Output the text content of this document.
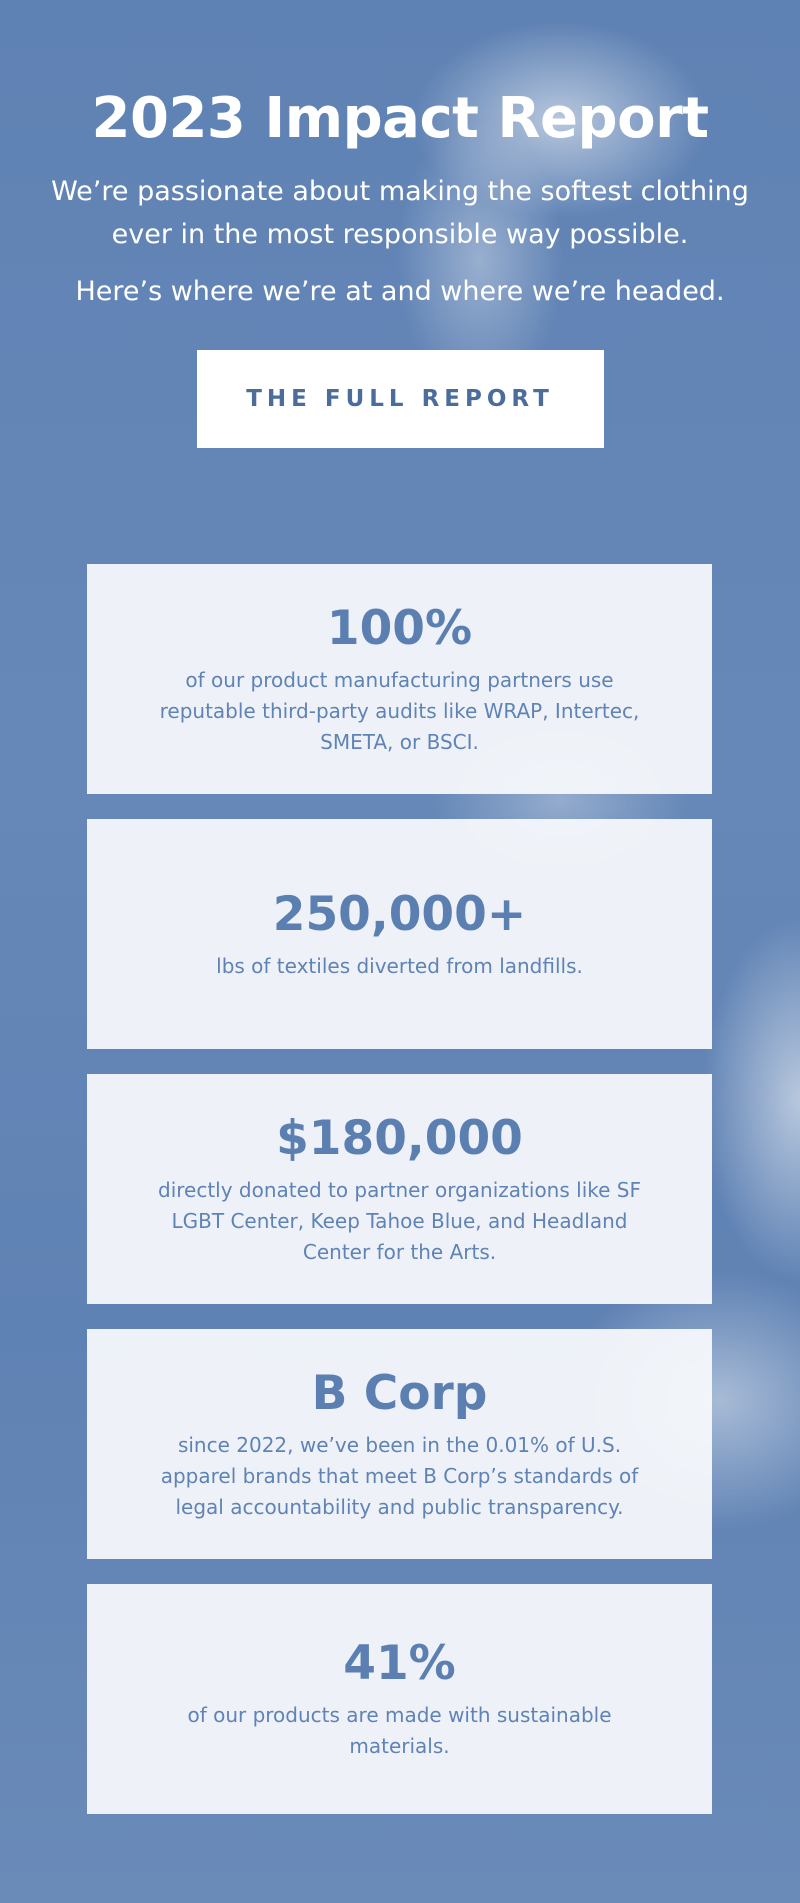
2023 Impact Report

We’re passionate about making the softest clothing ever in the most responsible way possible.

Here’s where we’re at and where we’re headed.

THE FULL REPORT
100%
of our product manufacturing partners use reputable third-party audits like WRAP, Intertec, SMETA, or BSCI.
250,000+
lbs of textiles diverted from landfills.
$180,000
directly donated to partner organizations like SF LGBT Center, Keep Tahoe Blue, and Headland Center for the Arts.
B Corp
since 2022, we’ve been in the 0.01% of U.S. apparel brands that meet B Corp’s standards of legal accountability and public transparency.
41%
of our products are made with sustainable materials.
